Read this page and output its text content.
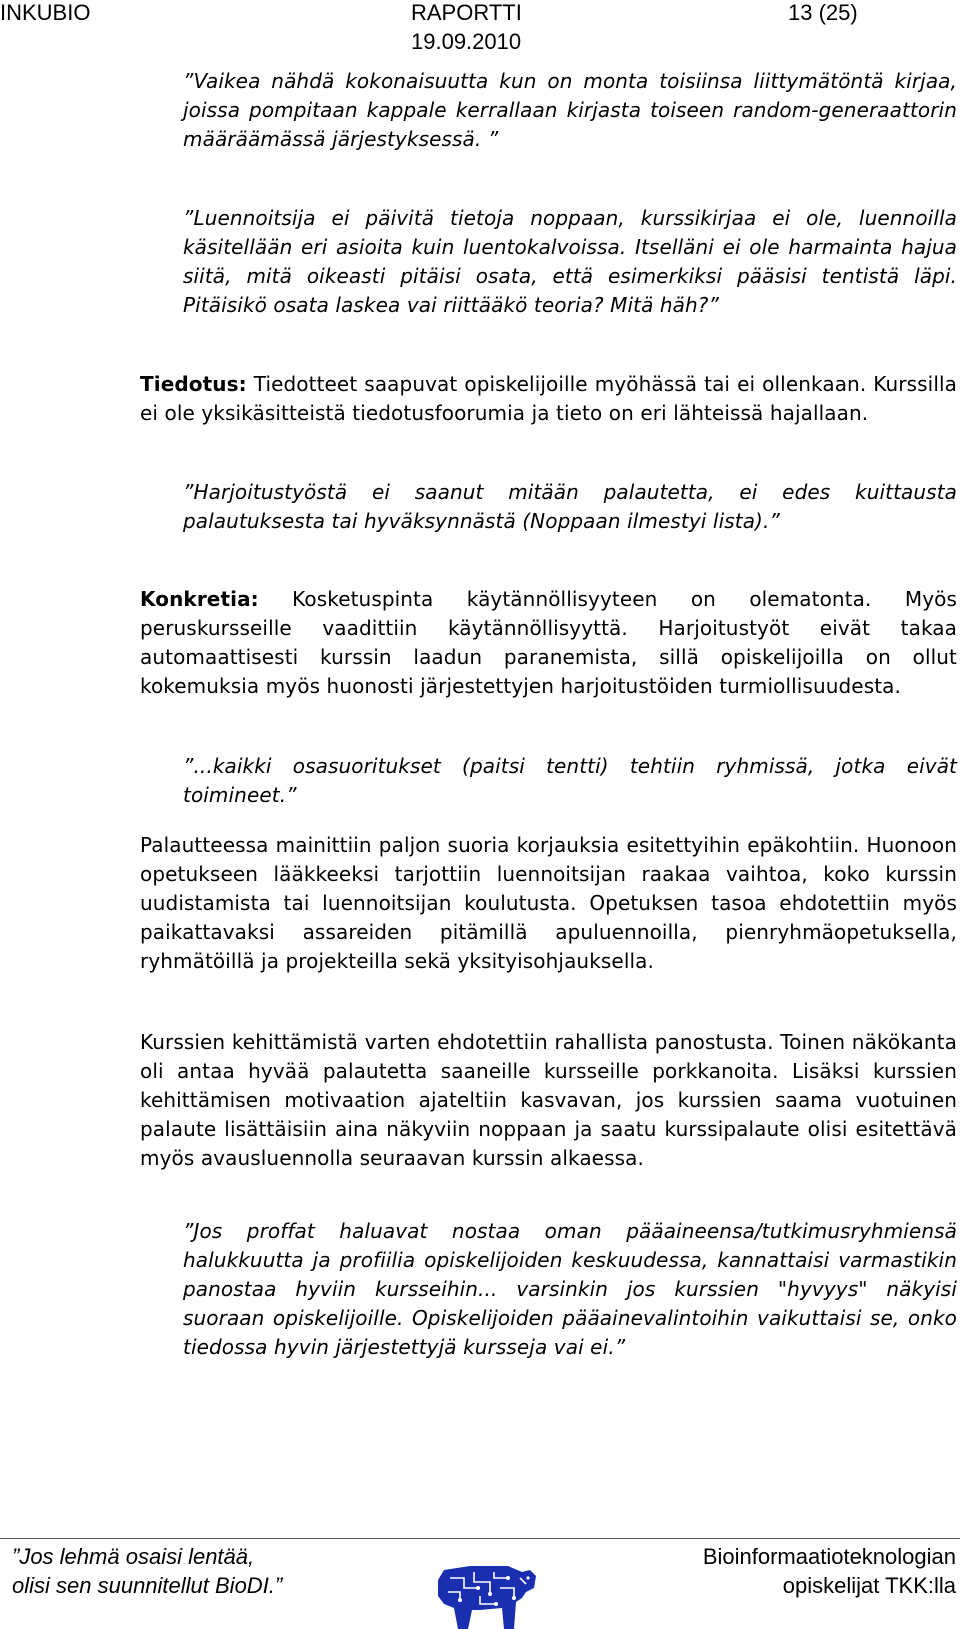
INKUBIO	RAPORTTI
19.09.2010
13 (25)

”Vaikea nähdä kokonaisuutta kun on monta toisiinsa liittymätöntä kirjaa, joissa pompitaan kappale kerrallaan kirjasta toiseen random-generaattorin määräämässä järjestyksessä. ”

”Luennoitsija ei päivitä tietoja noppaan, kurssikirjaa ei ole, luennoilla käsitellään eri asioita kuin luentokalvoissa. Itselläni ei ole harmainta hajua siitä, mitä oikeasti pitäisi osata, että esimerkiksi pääsisi tentistä läpi. Pitäisikö osata laskea vai riittääkö teoria? Mitä häh?”

Tiedotus: Tiedotteet saapuvat opiskelijoille myöhässä tai ei ollenkaan. Kurssilla ei ole yksikäsitteistä tiedotusfoorumia ja tieto on eri lähteissä hajallaan.

”Harjoitustyöstä ei saanut mitään palautetta, ei edes kuittausta palautuksesta tai hyväksynnästä (Noppaan ilmestyi lista).”

Konkretia: Kosketuspinta käytännöllisyyteen on olematonta. Myös peruskursseille vaadittiin käytännöllisyyttä. Harjoitustyöt eivät takaa automaattisesti kurssin laadun paranemista, sillä opiskelijoilla on ollut kokemuksia myös huonosti järjestettyjen harjoitustöiden turmiollisuudesta.

”...kaikki osasuoritukset (paitsi tentti) tehtiin ryhmissä, jotka eivät toimineet.”

Palautteessa mainittiin paljon suoria korjauksia esitettyihin epäkohtiin. Huonoon opetukseen lääkkeeksi tarjottiin luennoitsijan raakaa vaihtoa, koko kurssin uudistamista tai luennoitsijan koulutusta. Opetuksen tasoa ehdotettiin myös paikattavaksi assareiden pitämillä apuluennoilla, pienryhmäopetuksella, ryhmätöillä ja projekteilla sekä yksityisohjauksella.

Kurssien kehittämistä varten ehdotettiin rahallista panostusta. Toinen näkökanta oli antaa hyvää palautetta saaneille kursseille porkkanoita. Lisäksi kurssien kehittämisen motivaation ajateltiin kasvavan, jos kurssien saama vuotuinen palaute lisättäisiin aina näkyviin noppaan ja saatu kurssipalaute olisi esitettävä myös avausluennolla seuraavan kurssin alkaessa.

”Jos proffat haluavat nostaa oman pääaineensa/tutkimusryhmiensä halukkuutta ja profiilia opiskelijoiden keskuudessa, kannattaisi varmastikin panostaa hyviin kursseihin... varsinkin jos kurssien "hyvyys" näkyisi suoraan opiskelijoille. Opiskelijoiden pääainevalintoihin vaikuttaisi se, onko tiedossa hyvin järjestettyjä kursseja vai ei.”

”Jos lehmä osaisi lentää,
olisi sen suunnitellut BioDI.”
Bioinformaatioteknologian
opiskelijat TKK:lla
